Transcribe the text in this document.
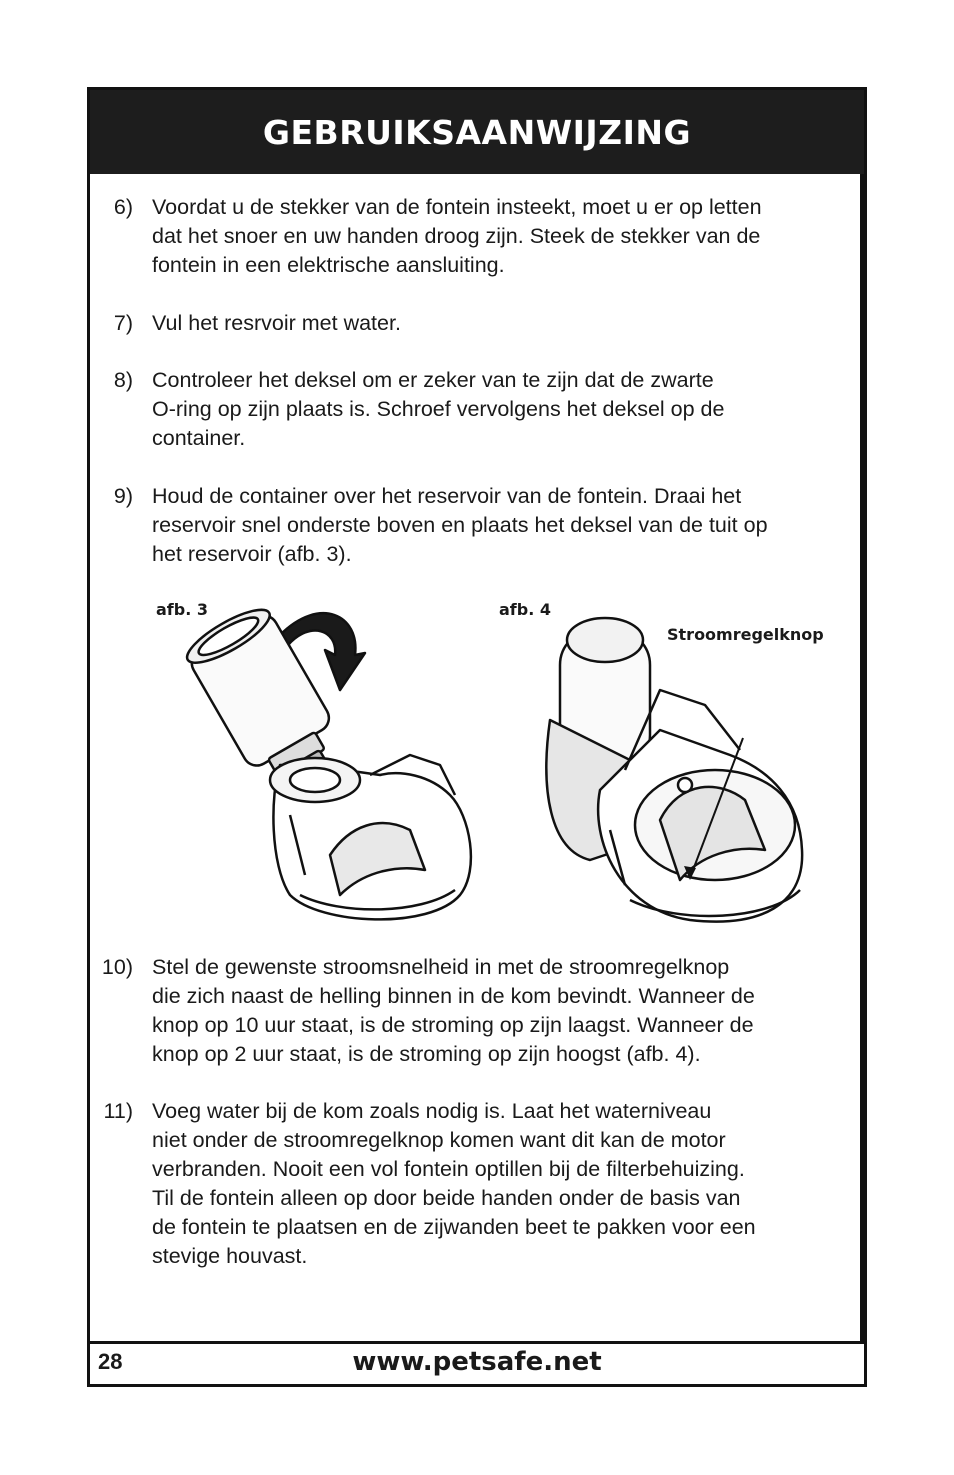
GEBRUIKSAANWIJZING
6) Voordat u de stekker van de fontein insteekt, moet u er op letten
dat het snoer en uw handen droog zijn. Steek de stekker van de
fontein in een elektrische aansluiting.
7) Vul het resrvoir met water.
8) Controleer het deksel om er zeker van te zijn dat de zwarte
O-ring op zijn plaats is. Schroef vervolgens het deksel op de
container.
9) Houd de container over het reservoir van de fontein. Draai het
reservoir snel onderste boven en plaats het deksel van de tuit op
het reservoir (afb. 3).
afb. 3	afb. 4
Stroomregelknop
10) Stel de gewenste stroomsnelheid in met de stroomregelknop
die zich naast de helling binnen in de kom bevindt. Wanneer de
knop op 10 uur staat, is de stroming op zijn laagst. Wanneer de
knop op 2 uur staat, is de stroming op zijn hoogst (afb. 4).
11) Voeg water bij de kom zoals nodig is. Laat het waterniveau
niet onder de stroomregelknop komen want dit kan de motor
verbranden. Nooit een vol fontein optillen bij de filterbehuizing.
Til de fontein alleen op door beide handen onder de basis van
de fontein te plaatsen en de zijwanden beet te pakken voor een
stevige houvast.
28	www.petsafe.net
